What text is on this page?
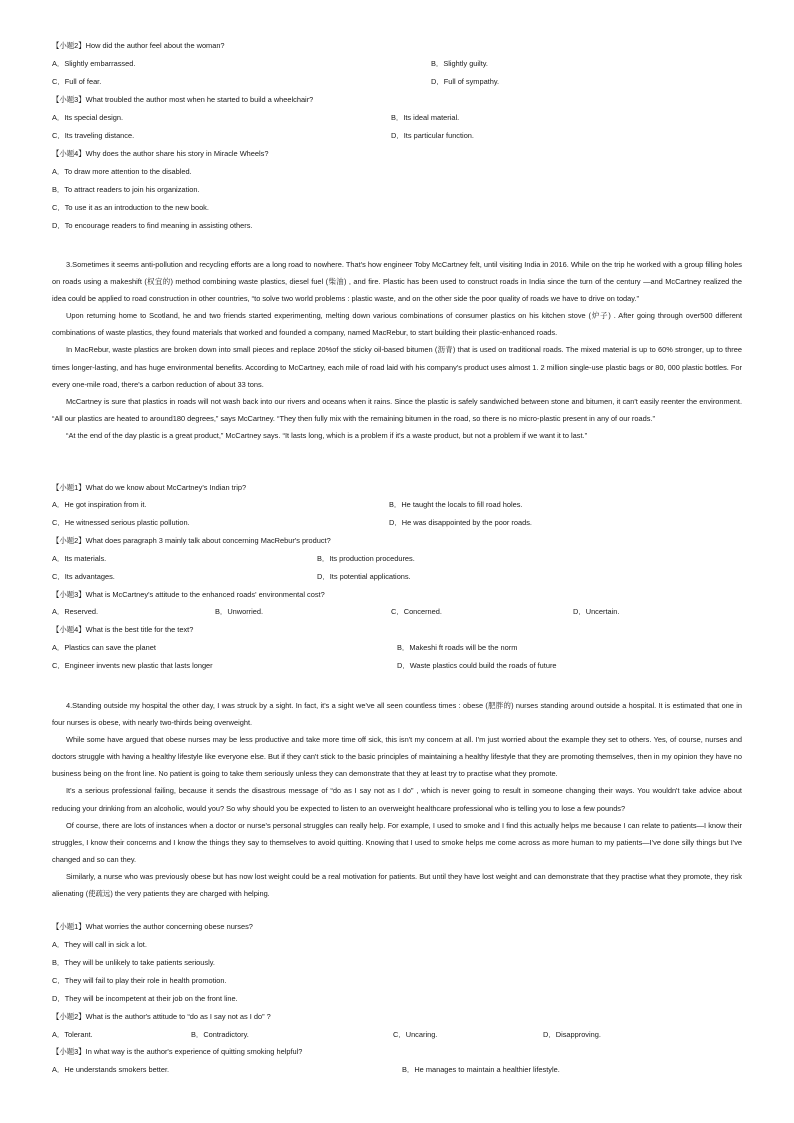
【小题2】How did the author feel about the woman?
A．Slightly embarrassed.	B．Slightly guilty.
C．Full of fear.	D．Full of sympathy.
【小题3】What troubled the author most when he started to build a wheelchair?
A．Its special design.	B．Its ideal material.
C．Its traveling distance.	D．Its particular function.
【小题4】Why does the author share his story in Miracle Wheels?
A．To draw more attention to the disabled.
B．To attract readers to join his organization.
C．To use it as an introduction to the new book.
D．To encourage readers to find meaning in assisting others.

3.Sometimes it seems anti-pollution and recycling efforts are a long road to nowhere. That's how engineer Toby McCartney felt, until visiting India in 2016. While on the trip he worked with a group filling holes on roads using a makeshift (权宜的) method combining waste plastics, diesel fuel (柴油) , and fire. Plastic has been used to construct roads in India since the turn of the century —and McCartney realized the idea could be applied to road construction in other countries, “to solve two world problems : plastic waste, and on the other side the poor quality of roads we have to drive on today.”

Upon returning home to Scotland, he and two friends started experimenting, melting down various combinations of consumer plastics on his kitchen stove (炉子) . After going through over500 different combinations of waste plastics, they found materials that worked and founded a company, named MacRebur, to start building their plastic-enhanced roads.

In MacRebur, waste plastics are broken down into small pieces and replace 20%of the sticky oil-based bitumen (沥青) that is used on traditional roads. The mixed material is up to 60% stronger, up to three times longer-lasting, and has huge environmental benefits. According to McCartney, each mile of road laid with his company's product uses almost 1. 2 million single-use plastic bags or 80, 000 plastic bottles. For every one-mile road, there's a carbon reduction of about 33 tons.

McCartney is sure that plastics in roads will not wash back into our rivers and oceans when it rains. Since the plastic is safely sandwiched between stone and bitumen, it can't easily reenter the environment. “All our plastics are heated to around180 degrees,” says McCartney. “They then fully mix with the remaining bitumen in the road, so there is no micro-plastic present in any of our roads.”

“At the end of the day plastic is a great product,” McCartney says. “It lasts long, which is a problem if it's a waste product, but not a problem if we want it to last.”

【小题1】What do we know about McCartney's Indian trip?
A．He got inspiration from it.	B．He taught the locals to fill road holes.
C．He witnessed serious plastic pollution.	D．He was disappointed by the poor roads.
【小题2】What does paragraph 3 mainly talk about concerning MacRebur's product?
A．Its materials.	B．Its production procedures.
C．Its advantages.	D．Its potential applications.
【小题3】What is McCartney's attitude to the enhanced roads' environmental cost?
A．Reserved.	B．Unworried.	C．Concerned.	D．Uncertain.
【小题4】What is the best title for the text?
A．Plastics can save the planet	B．Makeshi ft roads will be the norm
C．Engineer invents new plastic that lasts longer	D．Waste plastics could build the roads of future

4.Standing outside my hospital the other day, I was struck by a sight. In fact, it's a sight we've all seen countless times : obese (肥胖的) nurses standing around outside a hospital. It is estimated that one in four nurses is obese, with nearly two-thirds being overweight.

While some have argued that obese nurses may be less productive and take more time off sick, this isn't my concern at all. I'm just worried about the example they set to others. Yes, of course, nurses and doctors struggle with having a healthy lifestyle like everyone else. But if they can't stick to the basic principles of maintaining a healthy lifestyle that they are promoting themselves, then in my opinion they have no business being on the front line. No patient is going to take them seriously unless they can demonstrate that they at least try to practise what they promote.

It's a serious professional failing, because it sends the disastrous message of “do as I say not as I do” , which is never going to result in someone changing their ways. You wouldn't take advice about reducing your drinking from an alcoholic, would you? So why should you be expected to listen to an overweight healthcare professional who is telling you to lose a few pounds?

Of course, there are lots of instances when a doctor or nurse's personal struggles can really help. For example, I used to smoke and I find this actually helps me because I can relate to patients—I know their struggles, I know their concerns and I know the things they say to themselves to avoid quitting. Knowing that I used to smoke helps me come across as more human to my patients—I've done silly things but I've changed and so can they.

Similarly, a nurse who was previously obese but has now lost weight could be a real motivation for patients. But until they have lost weight and can demonstrate that they practise what they promote, they risk alienating (使疏远) the very patients they are charged with helping.

【小题1】What worries the author concerning obese nurses?
A．They will call in sick a lot.
B．They will be unlikely to take patients seriously.
C．They will fail to play their role in health promotion.
D．They will be incompetent at their job on the front line.
【小题2】What is the author's attitude to “do as I say not as I do” ?
A．Tolerant.	B．Contradictory.	C．Uncaring.	D．Disapproving.
【小题3】In what way is the author's experience of quitting smoking helpful?
A．He understands smokers better.	B．He manages to maintain a healthier lifestyle.
